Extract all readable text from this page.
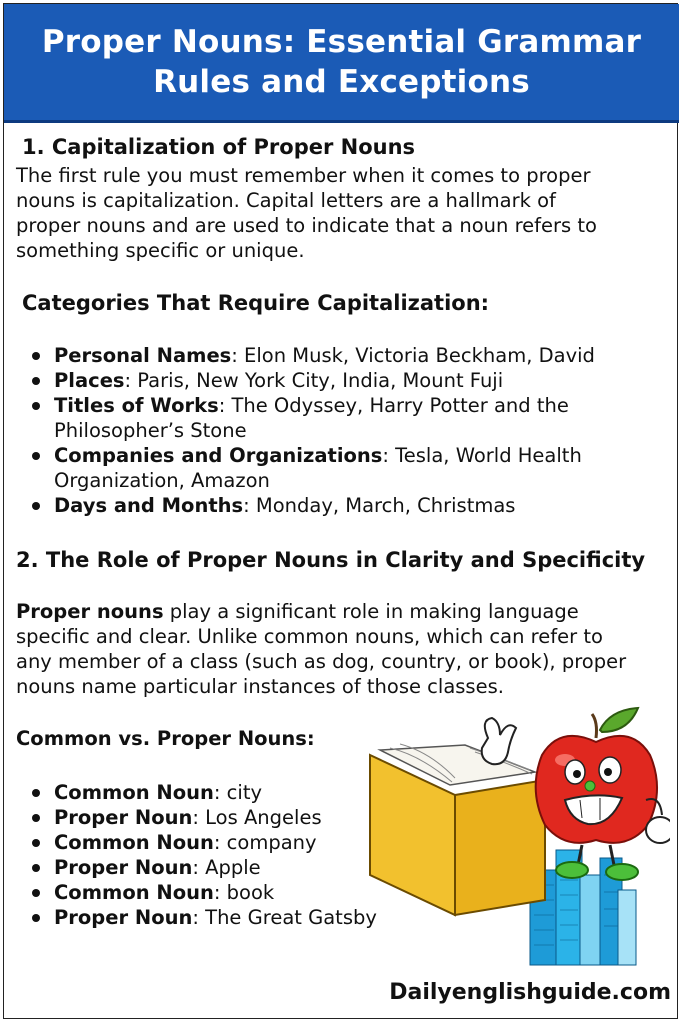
Proper Nouns: Essential Grammar
Rules and Exceptions
1. Capitalization of Proper Nouns
The first rule you must remember when it comes to proper
nouns is capitalization. Capital letters are a hallmark of
proper nouns and are used to indicate that a noun refers to
something specific or unique.
Categories That Require Capitalization:
Personal Names: Elon Musk, Victoria Beckham, David
Places: Paris, New York City, India, Mount Fuji
Titles of Works: The Odyssey, Harry Potter and the
Philosopher’s Stone
Companies and Organizations: Tesla, World Health
Organization, Amazon
Days and Months: Monday, March, Christmas
2. The Role of Proper Nouns in Clarity and Specificity
Proper nouns play a significant role in making language
specific and clear. Unlike common nouns, which can refer to
any member of a class (such as dog, country, or book), proper
nouns name particular instances of those classes.
Common vs. Proper Nouns:
Common Noun: city
Proper Noun: Los Angeles
Common Noun: company
Proper Noun: Apple
Common Noun: book
Proper Noun: The Great Gatsby
Dailyenglishguide.com
